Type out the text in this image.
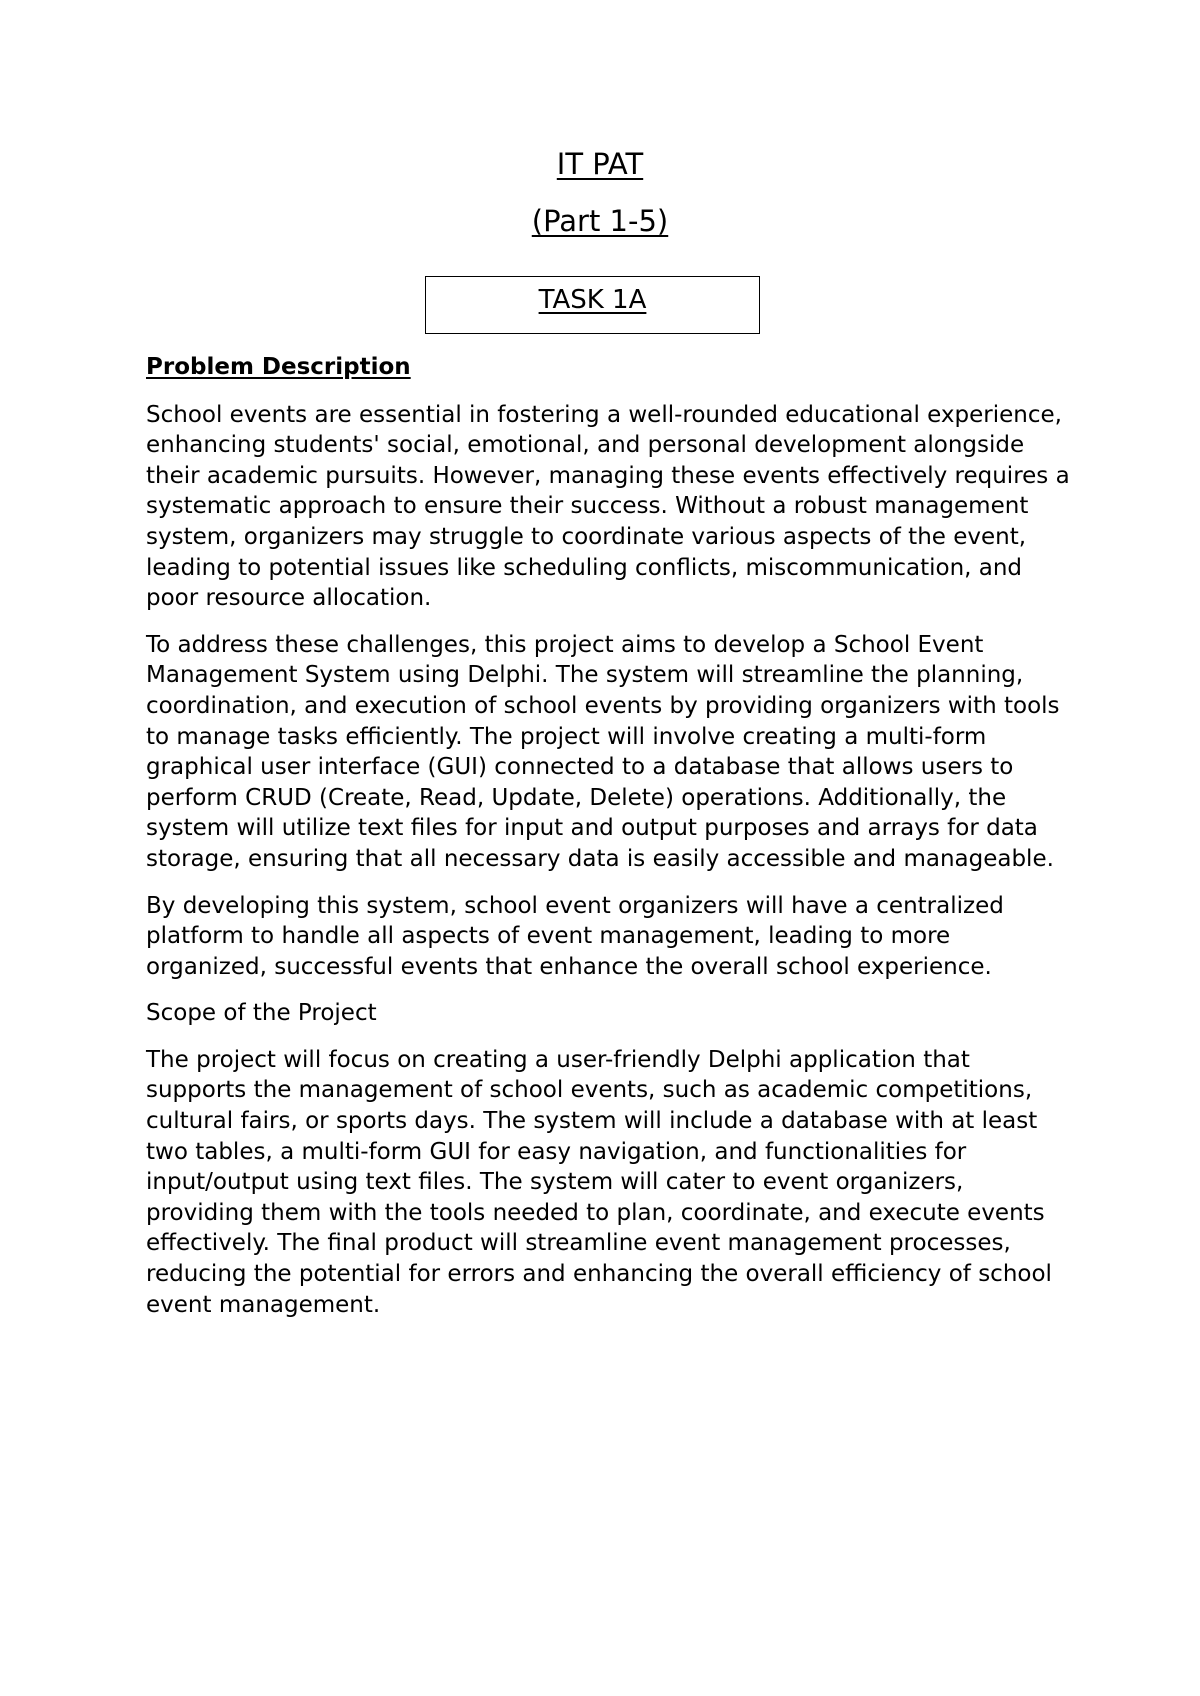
IT PAT
(Part 1-5)
TASK 1A
Problem Description

School events are essential in fostering a well-rounded educational experience, enhancing students' social, emotional, and personal development alongside their academic pursuits. However, managing these events effectively requires a systematic approach to ensure their success. Without a robust management system, organizers may struggle to coordinate various aspects of the event, leading to potential issues like scheduling conflicts, miscommunication, and poor resource allocation.

To address these challenges, this project aims to develop a School Event Management System using Delphi. The system will streamline the planning, coordination, and execution of school events by providing organizers with tools to manage tasks efficiently. The project will involve creating a multi-form graphical user interface (GUI) connected to a database that allows users to perform CRUD (Create, Read, Update, Delete) operations. Additionally, the system will utilize text files for input and output purposes and arrays for data storage, ensuring that all necessary data is easily accessible and manageable.

By developing this system, school event organizers will have a centralized platform to handle all aspects of event management, leading to more organized, successful events that enhance the overall school experience.

Scope of the Project

The project will focus on creating a user-friendly Delphi application that supports the management of school events, such as academic competitions, cultural fairs, or sports days. The system will include a database with at least two tables, a multi-form GUI for easy navigation, and functionalities for input/output using text files. The system will cater to event organizers, providing them with the tools needed to plan, coordinate, and execute events effectively. The final product will streamline event management processes, reducing the potential for errors and enhancing the overall efficiency of school event management.
